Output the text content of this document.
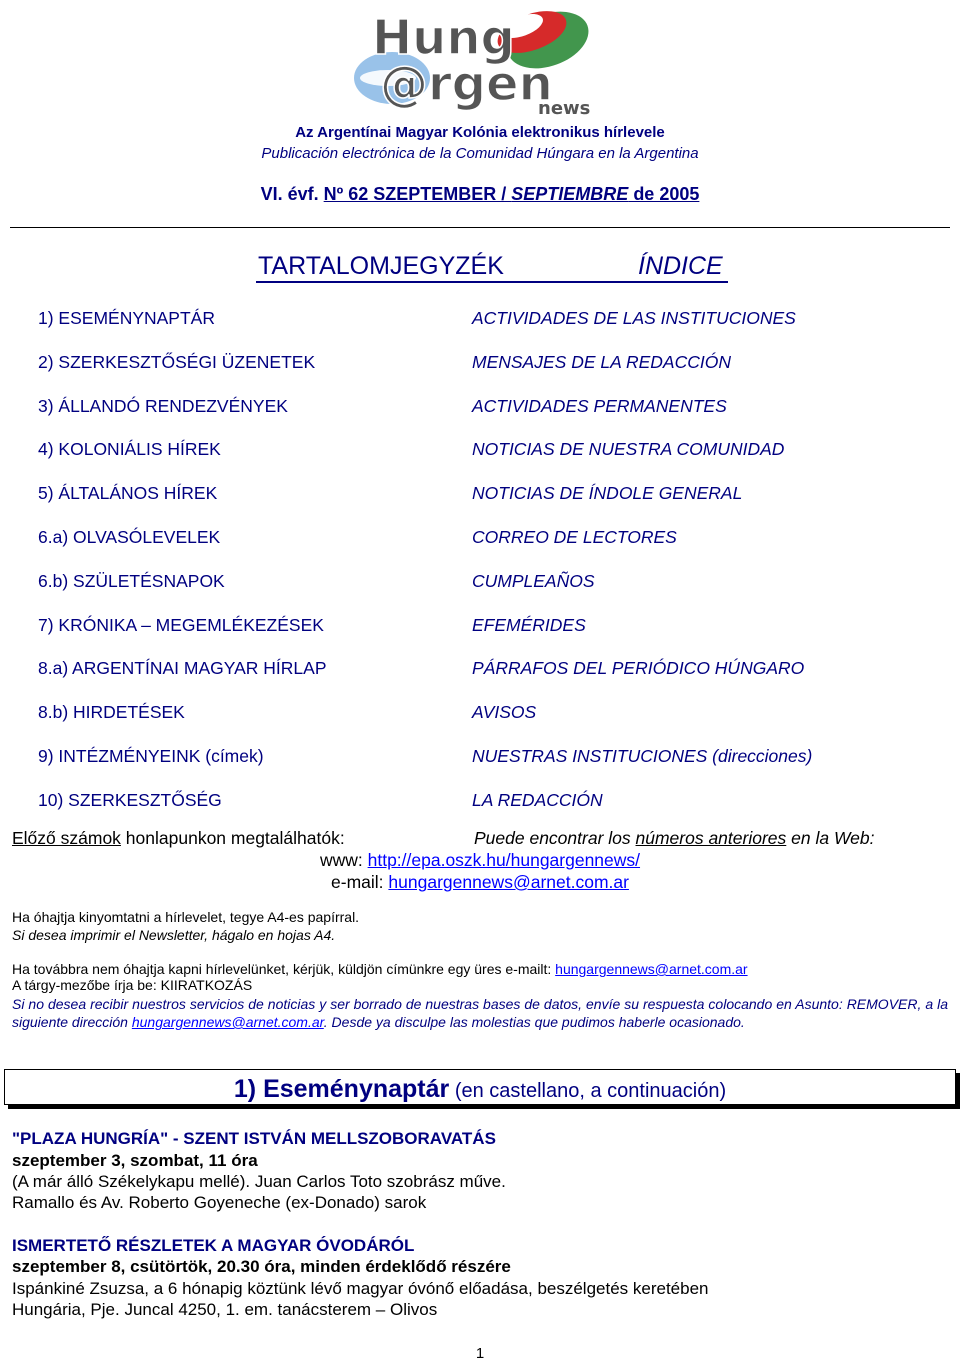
Hung
@rgen
news
Az Argentínai Magyar Kolónia elektronikus hírlevele
Publicación electrónica de la Comunidad Húngara en la Argentina
VI. évf. Nº 62 SZEPTEMBER / SEPTIEMBRE de 2005
TARTALOMJEGYZÉK	ÍNDICE
1) ESEMÉNYNAPTÁR	ACTIVIDADES DE LAS INSTITUCIONES
2) SZERKESZTŐSÉGI ÜZENETEK	MENSAJES DE LA REDACCIÓN
3) ÁLLANDÓ RENDEZVÉNYEK	ACTIVIDADES PERMANENTES
4) KOLONIÁLIS HÍREK	NOTICIAS DE NUESTRA COMUNIDAD
5) ÁLTALÁNOS HÍREK	NOTICIAS DE ÍNDOLE GENERAL
6.a) OLVASÓLEVELEK	CORREO DE LECTORES
6.b) SZÜLETÉSNAPOK	CUMPLEAÑOS
7) KRÓNIKA – MEGEMLÉKEZÉSEK	EFEMÉRIDES
8.a) ARGENTÍNAI MAGYAR HÍRLAP	PÁRRAFOS DEL PERIÓDICO HÚNGARO
8.b) HIRDETÉSEK	AVISOS
9) INTÉZMÉNYEINK (címek)	NUESTRAS INSTITUCIONES (direcciones)
10) SZERKESZTŐSÉG	LA REDACCIÓN
Előző számok honlapunkon megtalálhatók:	Puede encontrar los números anteriores en la Web:
www: http://epa.oszk.hu/hungargennews/
e-mail: hungargennews@arnet.com.ar
Ha óhajtja kinyomtatni a hírlevelet, tegye A4-es papírral.
Si desea imprimir el Newsletter, hágalo en hojas A4.
Ha továbbra nem óhajtja kapni hírlevelünket, kérjük, küldjön címünkre egy üres e-mailt: hungargennews@arnet.com.ar
A tárgy-mezőbe írja be: KIIRATKOZÁS
Si no desea recibir nuestros servicios de noticias y ser borrado de nuestras bases de datos, envíe su respuesta colocando en Asunto: REMOVER, a la siguiente dirección hungargennews@arnet.com.ar. Desde ya disculpe las molestias que pudimos haberle ocasionado.
1) Eseménynaptár (en castellano, a continuación)
"PLAZA HUNGRÍA" - SZENT ISTVÁN MELLSZOBORAVATÁS
szeptember 3, szombat, 11 óra
(A már álló Székelykapu mellé). Juan Carlos Toto szobrász műve.
Ramallo és Av. Roberto Goyeneche (ex-Donado) sarok
ISMERTETŐ RÉSZLETEK A MAGYAR ÓVODÁRÓL
szeptember 8, csütörtök, 20.30 óra, minden érdeklődő részére
Ispánkiné Zsuzsa, a 6 hónapig köztünk lévő magyar óvónő előadása, beszélgetés keretében
Hungária, Pje. Juncal 4250, 1. em. tanácsterem – Olivos
1
